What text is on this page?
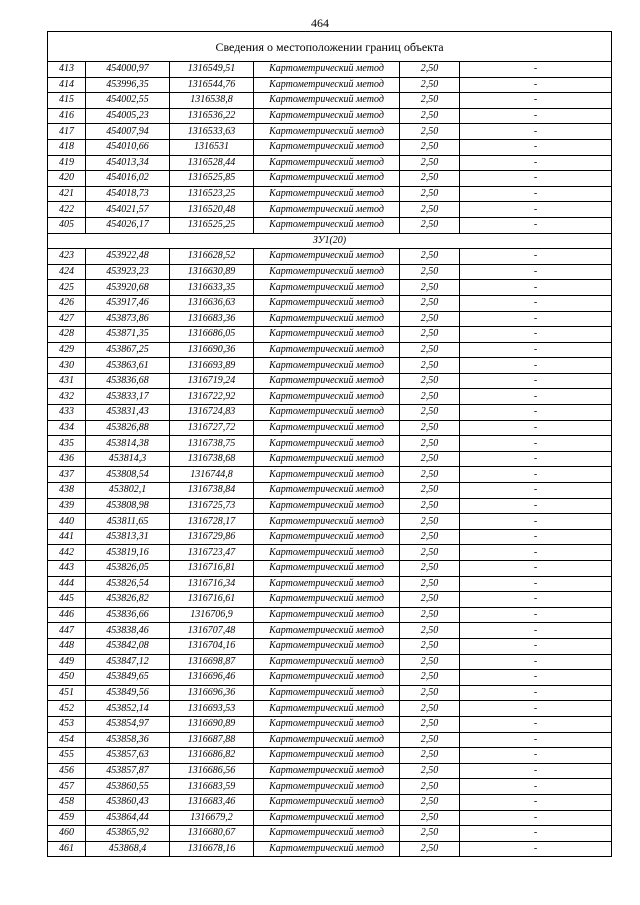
464
Сведения о местоположении границ объекта					
413	454000,97	1316549,51	Картометрический метод	2,50	-
414	453996,35	1316544,76	Картометрический метод	2,50	-
415	454002,55	1316538,8	Картометрический метод	2,50	-
416	454005,23	1316536,22	Картометрический метод	2,50	-
417	454007,94	1316533,63	Картометрический метод	2,50	-
418	454010,66	1316531	Картометрический метод	2,50	-
419	454013,34	1316528,44	Картометрический метод	2,50	-
420	454016,02	1316525,85	Картометрический метод	2,50	-
421	454018,73	1316523,25	Картометрический метод	2,50	-
422	454021,57	1316520,48	Картометрический метод	2,50	-
405	454026,17	1316525,25	Картометрический метод	2,50	-
ЗУ1(20)					
423	453922,48	1316628,52	Картометрический метод	2,50	-
424	453923,23	1316630,89	Картометрический метод	2,50	-
425	453920,68	1316633,35	Картометрический метод	2,50	-
426	453917,46	1316636,63	Картометрический метод	2,50	-
427	453873,86	1316683,36	Картометрический метод	2,50	-
428	453871,35	1316686,05	Картометрический метод	2,50	-
429	453867,25	1316690,36	Картометрический метод	2,50	-
430	453863,61	1316693,89	Картометрический метод	2,50	-
431	453836,68	1316719,24	Картометрический метод	2,50	-
432	453833,17	1316722,92	Картометрический метод	2,50	-
433	453831,43	1316724,83	Картометрический метод	2,50	-
434	453826,88	1316727,72	Картометрический метод	2,50	-
435	453814,38	1316738,75	Картометрический метод	2,50	-
436	453814,3	1316738,68	Картометрический метод	2,50	-
437	453808,54	1316744,8	Картометрический метод	2,50	-
438	453802,1	1316738,84	Картометрический метод	2,50	-
439	453808,98	1316725,73	Картометрический метод	2,50	-
440	453811,65	1316728,17	Картометрический метод	2,50	-
441	453813,31	1316729,86	Картометрический метод	2,50	-
442	453819,16	1316723,47	Картометрический метод	2,50	-
443	453826,05	1316716,81	Картометрический метод	2,50	-
444	453826,54	1316716,34	Картометрический метод	2,50	-
445	453826,82	1316716,61	Картометрический метод	2,50	-
446	453836,66	1316706,9	Картометрический метод	2,50	-
447	453838,46	1316707,48	Картометрический метод	2,50	-
448	453842,08	1316704,16	Картометрический метод	2,50	-
449	453847,12	1316698,87	Картометрический метод	2,50	-
450	453849,65	1316696,46	Картометрический метод	2,50	-
451	453849,56	1316696,36	Картометрический метод	2,50	-
452	453852,14	1316693,53	Картометрический метод	2,50	-
453	453854,97	1316690,89	Картометрический метод	2,50	-
454	453858,36	1316687,88	Картометрический метод	2,50	-
455	453857,63	1316686,82	Картометрический метод	2,50	-
456	453857,87	1316686,56	Картометрический метод	2,50	-
457	453860,55	1316683,59	Картометрический метод	2,50	-
458	453860,43	1316683,46	Картометрический метод	2,50	-
459	453864,44	1316679,2	Картометрический метод	2,50	-
460	453865,92	1316680,67	Картометрический метод	2,50	-
461	453868,4	1316678,16	Картометрический метод	2,50	-
